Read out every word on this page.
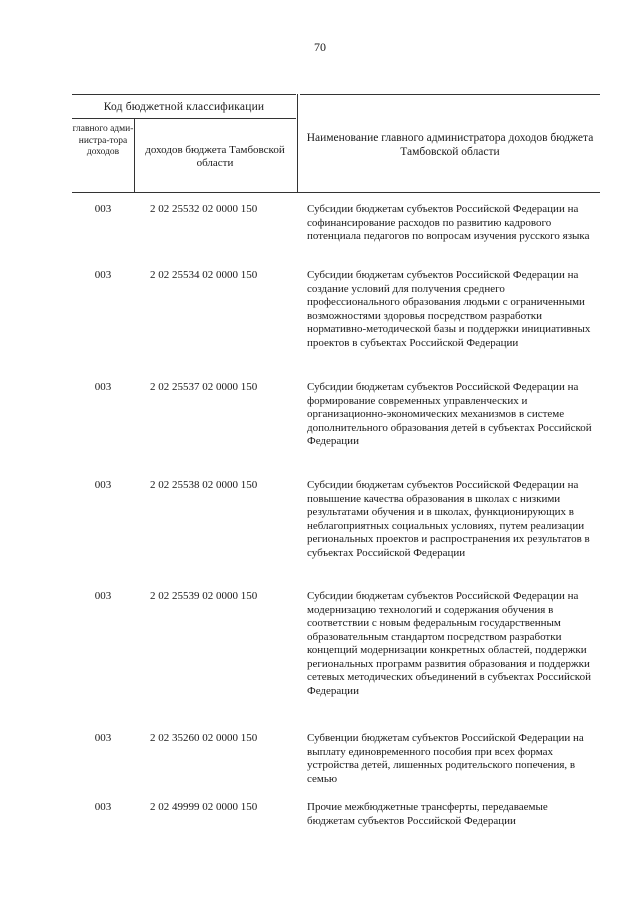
70
Код бюджетной классификации
главного адми-нистра-тора доходов	доходов бюджета Тамбовской области
Наименование главного администратора доходов бюджета Тамбовской области
003	2 02 25532 02 0000 150	Субсидии бюджетам субъектов Российской Федерации на софинансирование расходов по развитию кадрового потенциала педагогов по вопросам изучения русского языка
003	2 02 25534 02 0000 150	Субсидии бюджетам субъектов Российской Федерации на создание условий для получения среднего профессионального образования людьми с ограниченными возможностями здоровья посредством разработки нормативно-методической базы и поддержки инициативных проектов в субъектах Российской Федерации
003	2 02 25537 02 0000 150	Субсидии бюджетам субъектов Российской Федерации на формирование современных управленческих и организационно-экономических механизмов в системе дополнительного образования детей в субъектах Российской Федерации
003	2 02 25538 02 0000 150	Субсидии бюджетам субъектов Российской Федерации на повышение качества образования в школах с низкими результатами обучения и в школах, функционирующих в неблагоприятных социальных условиях, путем реализации региональных проектов и распространения их результатов в субъектах Российской Федерации
003	2 02 25539 02 0000 150	Субсидии бюджетам субъектов Российской Федерации на модернизацию технологий и содержания обучения в соответствии с новым федеральным государственным образовательным стандартом посредством разработки концепций модернизации конкретных областей, поддержки региональных программ развития образования и поддержки сетевых методических объединений в субъектах Российской Федерации
003	2 02 35260 02 0000 150	Субвенции бюджетам субъектов Российской Федерации на выплату единовременного пособия при всех формах устройства детей, лишенных родительского попечения, в семью
003	2 02 49999 02 0000 150	Прочие межбюджетные трансферты, передаваемые бюджетам субъектов Российской Федерации
